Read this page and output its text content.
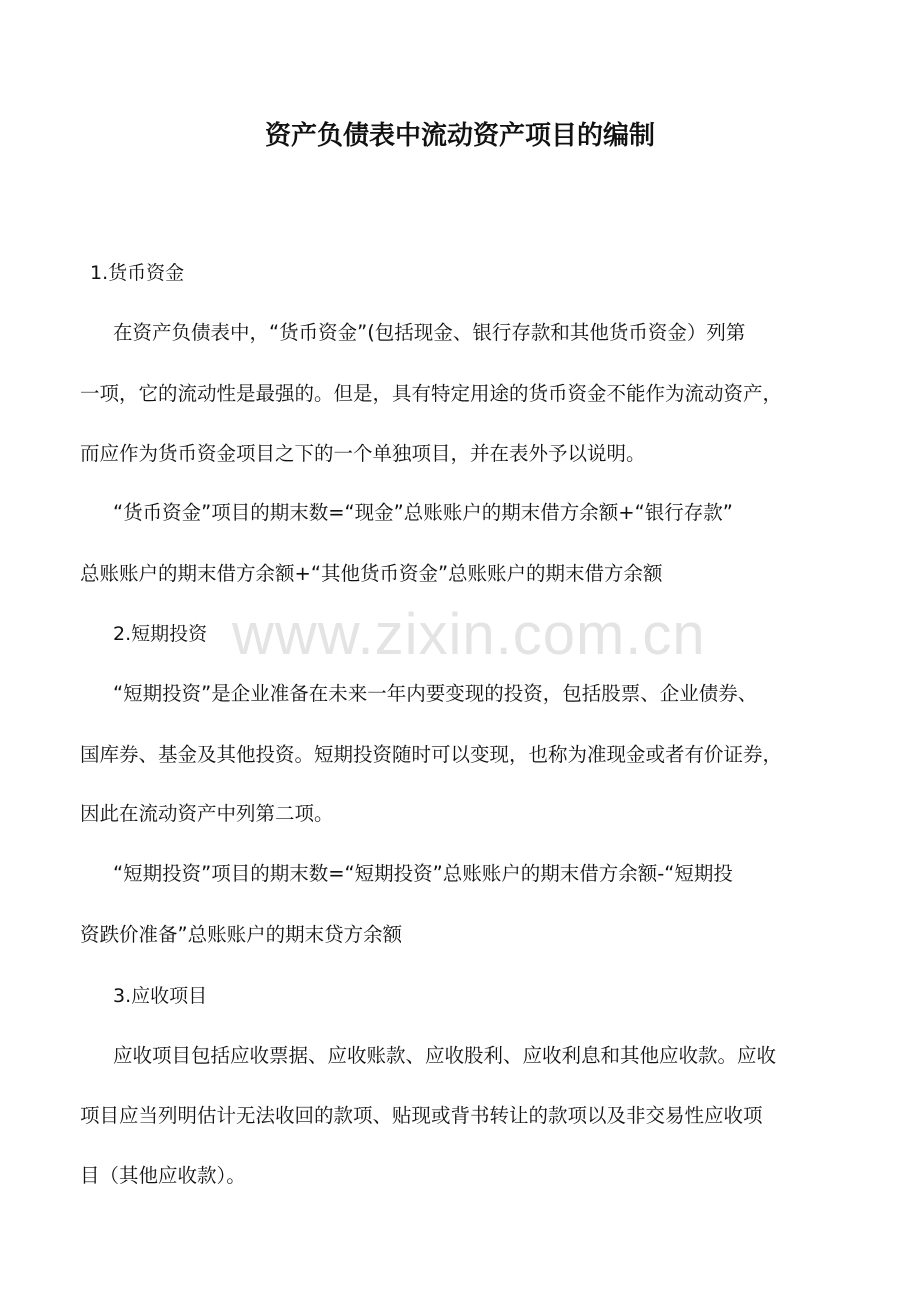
资产负债表中流动资产项目的编制
www.zixin.com.cn
1.货币资金
在资产负债表中，“货币资金”(包括现金、银行存款和其他货币资金）列第
一项，它的流动性是最强的。但是，具有特定用途的货币资金不能作为流动资产，
而应作为货币资金项目之下的一个单独项目，并在表外予以说明。
“货币资金”项目的期末数=“现金”总账账户的期末借方余额+“银行存款”
总账账户的期末借方余额+“其他货币资金”总账账户的期末借方余额
2.短期投资
“短期投资”是企业准备在未来一年内要变现的投资，包括股票、企业债券、
国库券、基金及其他投资。短期投资随时可以变现，也称为准现金或者有价证券，
因此在流动资产中列第二项。
“短期投资”项目的期末数=“短期投资”总账账户的期末借方余额-“短期投
资跌价准备”总账账户的期末贷方余额
3.应收项目
应收项目包括应收票据、应收账款、应收股利、应收利息和其他应收款。应收
项目应当列明估计无法收回的款项、贴现或背书转让的款项以及非交易性应收项
目（其他应收款）。
